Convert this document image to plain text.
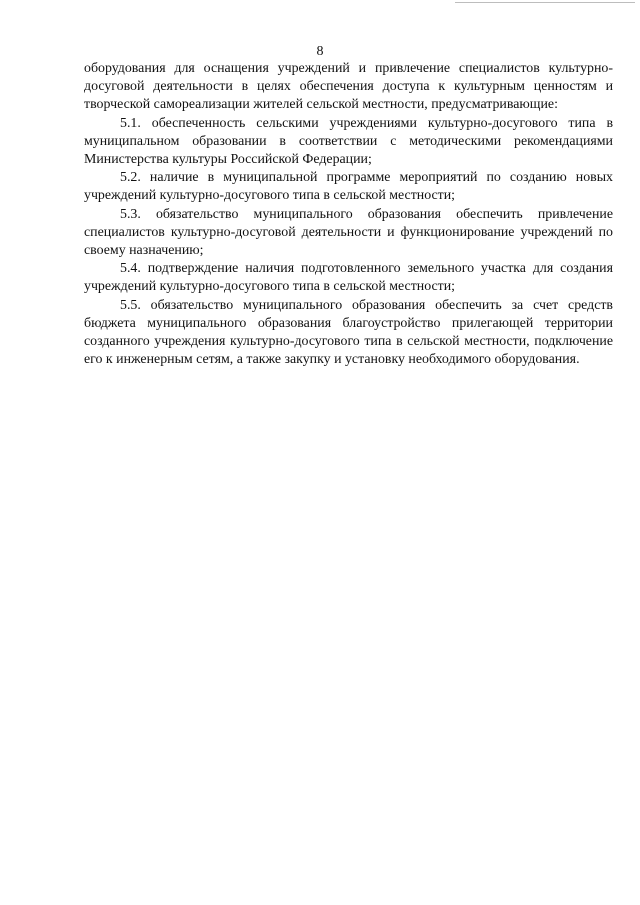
8

оборудования для оснащения учреждений и привлечение специалистов культурно-досуговой деятельности в целях обеспечения доступа к культурным ценностям и творческой самореализации жителей сельской местности, предусматривающие:

5.1. обеспеченность сельскими учреждениями культурно-досугового типа в муниципальном образовании в соответствии с методическими рекомендациями Министерства культуры Российской Федерации;

5.2. наличие в муниципальной программе мероприятий по созданию новых учреждений культурно-досугового типа в сельской местности;

5.3. обязательство муниципального образования обеспечить привлечение специалистов культурно-досуговой деятельности и функционирование учреждений по своему назначению;

5.4. подтверждение наличия подготовленного земельного участка для создания учреждений культурно-досугового типа в сельской местности;

5.5. обязательство муниципального образования обеспечить за счет средств бюджета муниципального образования благоустройство прилегающей территории созданного учреждения культурно-досугового типа в сельской местности, подключение его к инженерным сетям, а также закупку и установку необходимого оборудования.
